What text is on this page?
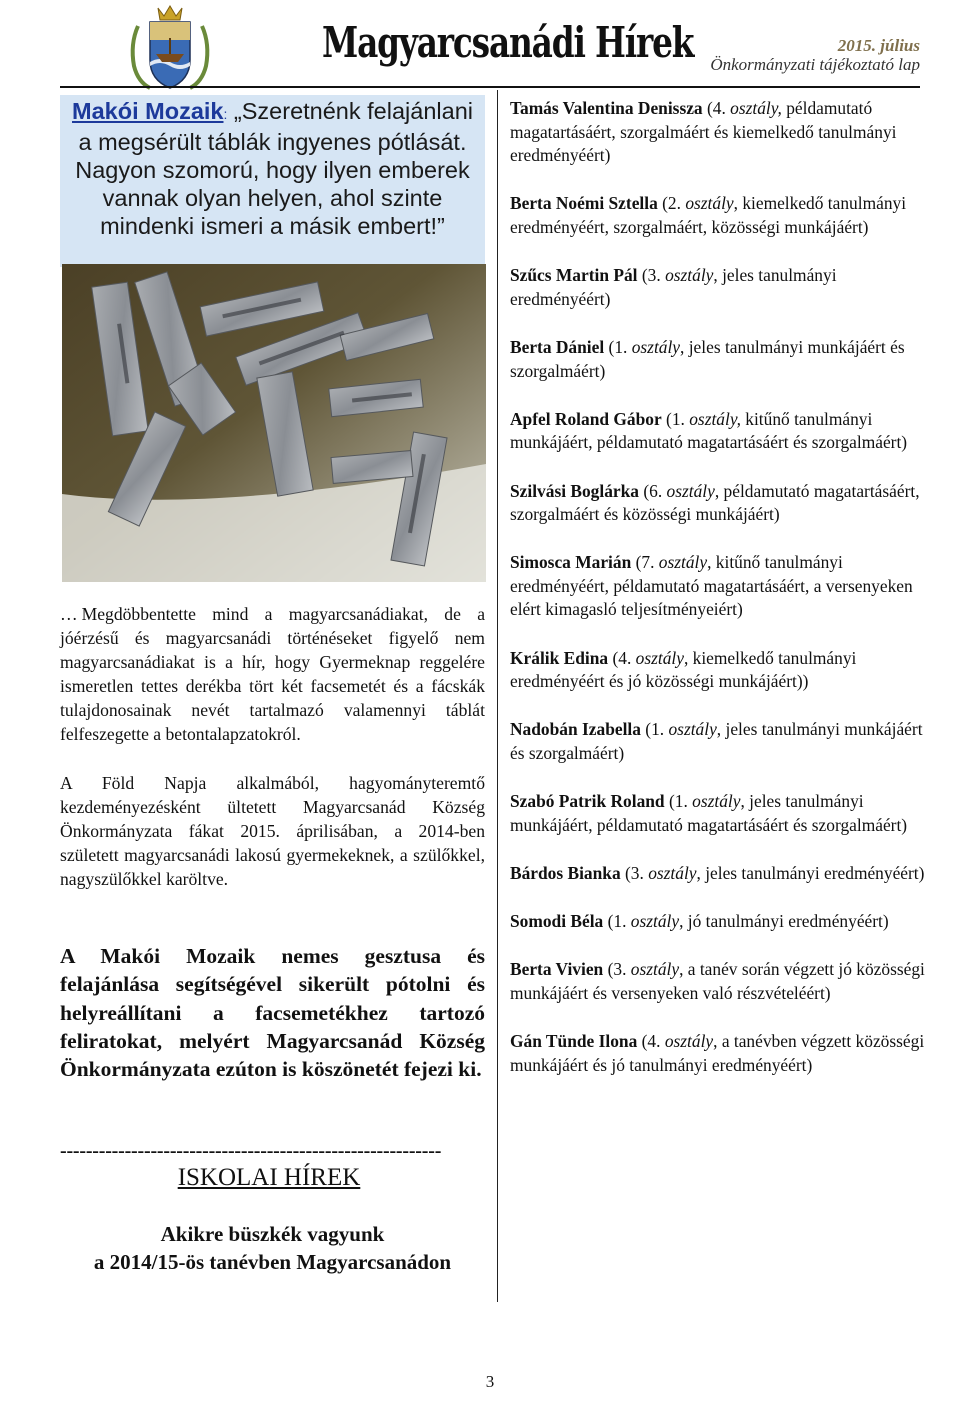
Magyarcsanádi Hírek	2015. július
Önkormányzati tájékoztató lap
Makói Mozaik: „Szeretnénk felajánlani a megsérült táblák ingyenes pótlását. Nagyon szomorú, hogy ilyen emberek vannak olyan helyen, ahol szinte mindenki ismeri a másik embert!”

… Megdöbbentette mind a magyarcsanádiakat, de a jóérzésű és magyarcsanádi történéseket figyelő nem magyarcsanádiakat is a hír, hogy Gyermeknap reggelére ismeretlen tettes derékba tört két facsemetét és a fácskák tulajdonosainak nevét tartalmazó valamennyi táblát felfeszegette a betontalapzatokról.

A Föld Napja alkalmából, hagyományteremtő kezdeményezésként ültetett Magyarcsanád Község Önkormányzata fákat 2015. áprilisában, a 2014-ben született magyarcsanádi lakosú gyermekeknek, a szülőkkel, nagyszülőkkel karöltve.

A Makói Mozaik nemes gesztusa és felajánlása segítségével sikerült pótolni és helyreállítani a facsemetékhez tartozó feliratokat, melyért Magyarcsanád Község Önkormányzata ezúton is köszönetét fejezi ki.

-----------------------------------------------------------
ISKOLAI HÍREK
Akikre büszkék vagyunk
a 2014/15-ös tanévben Magyarcsanádon
Tamás Valentina Denissza (4. osztály, példamutató magatartásáért, szorgalmáért és kiemelkedő tanulmányi eredményéért)
Berta Noémi Sztella (2. osztály, kiemelkedő tanulmányi eredményéért, szorgalmáért, közösségi munkájáért)
Szűcs Martin Pál (3. osztály, jeles tanulmányi eredményéért)
Berta Dániel (1. osztály, jeles tanulmányi munkájáért és szorgalmáért)
Apfel Roland Gábor (1. osztály, kitűnő tanulmányi munkájáért, példamutató magatartásáért és szorgalmáért)
Szilvási Boglárka (6. osztály, példamutató magatartásáért, szorgalmáért és közösségi munkájáért)
Simosca Marián (7. osztály, kitűnő tanulmányi eredményéért, példamutató magatartásáért, a versenyeken elért kimagasló teljesítményeiért)
Králik Edina (4. osztály, kiemelkedő tanulmányi eredményéért és jó közösségi munkájáért))
Nadobán Izabella (1. osztály, jeles tanulmányi munkájáért és szorgalmáért)
Szabó Patrik Roland (1. osztály, jeles tanulmányi munkájáért, példamutató magatartásáért és szorgalmáért)
Bárdos Bianka (3. osztály, jeles tanulmányi eredményéért)
Somodi Béla (1. osztály, jó tanulmányi eredményéért)
Berta Vivien (3. osztály, a tanév során végzett jó közösségi munkájáért és versenyeken való részvételéért)
Gán Tünde Ilona (4. osztály, a tanévben végzett közösségi munkájáért és jó tanulmányi eredményéért)
3
